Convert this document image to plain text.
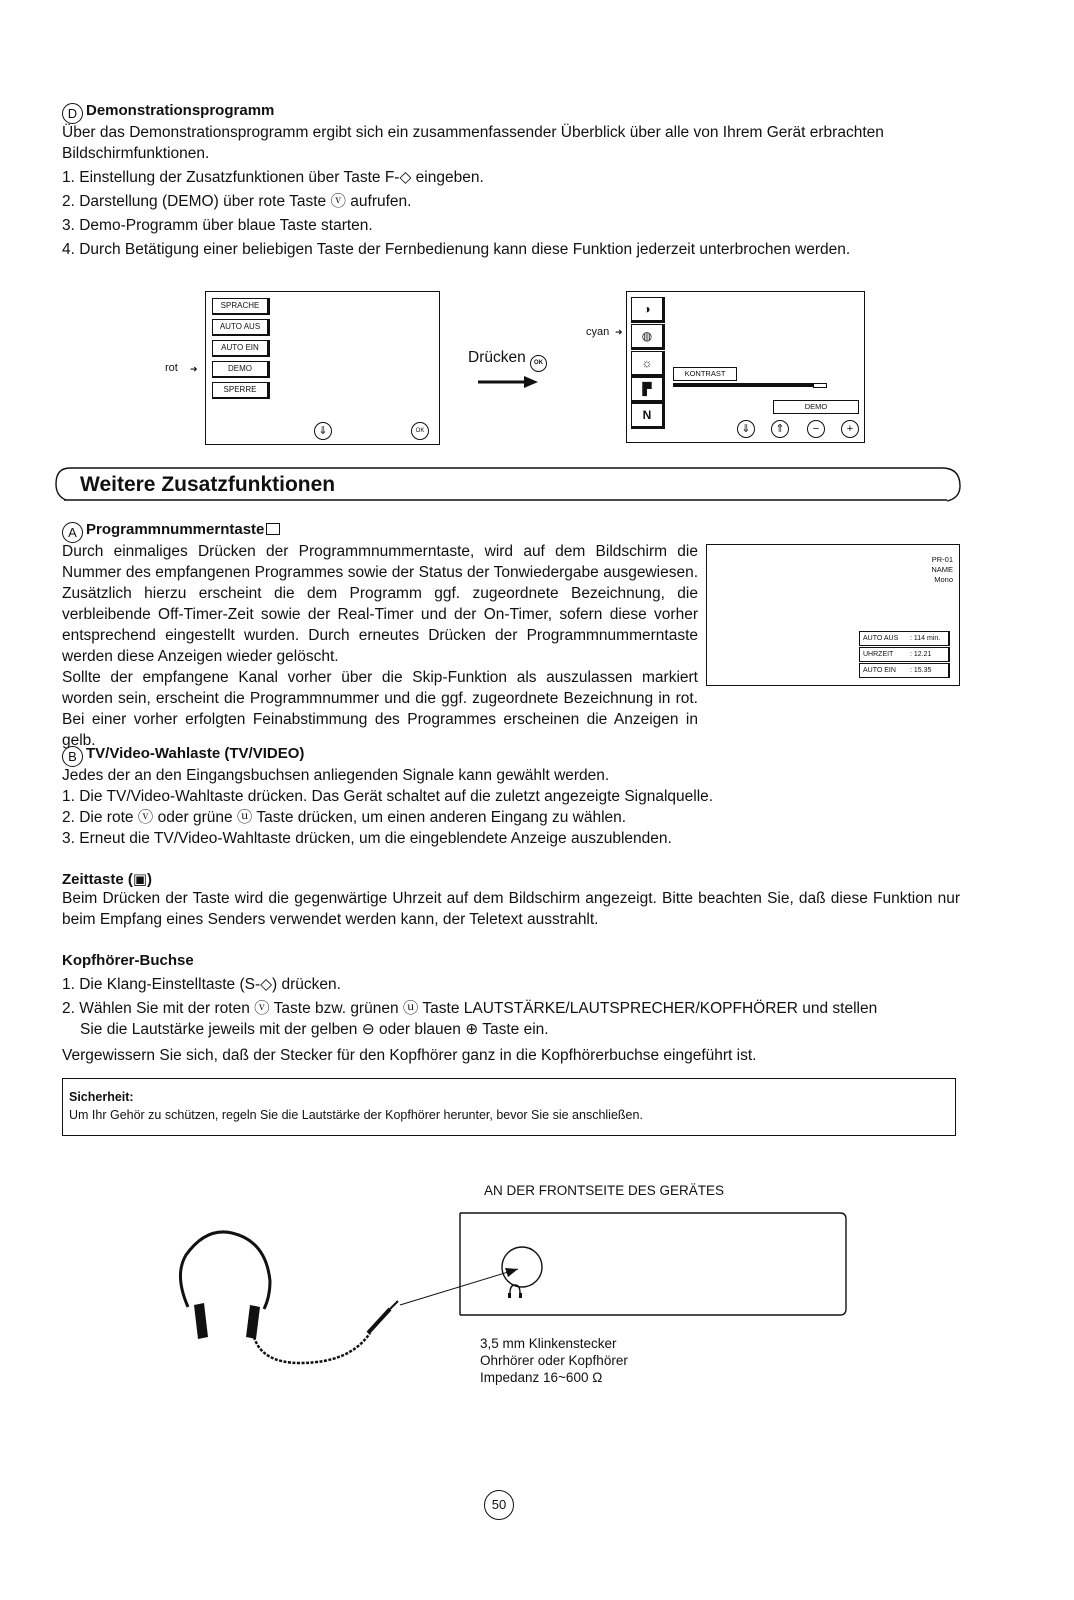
D Demonstrationsprogramm
Über das Demonstrationsprogramm ergibt sich ein zusammenfassender Überblick über alle von Ihrem Gerät erbrachten Bildschirmfunktionen.
1. Einstellung der Zusatzfunktionen über Taste F-◇ eingeben.
2. Darstellung (DEMO) über rote Taste ⓥ aufrufen.
3. Demo-Programm über blaue Taste starten.
4. Durch Betätigung einer beliebigen Taste der Fernbedienung kann diese Funktion jederzeit unterbrochen werden.
rot ➜
SPRACHE
AUTO AUS
AUTO EIN
DEMO
SPERRE
⇓	OK
Drücken OK
cyan ➜
◑
◍
☼
▛
N
KONTRAST
DEMO
⇓	⇑	−	+
Weitere Zusatzfunktionen
A Programmnummerntaste
Durch einmaliges Drücken der Programmnummerntaste, wird auf dem Bildschirm die Nummer des empfangenen Programmes sowie der Status der Tonwiedergabe ausgewiesen. Zusätzlich hierzu erscheint die dem Programm ggf. zugeordnete Bezeichnung, die verbleibende Off-Timer-Zeit sowie der Real-Timer und der On-Timer, sofern diese vorher entsprechend eingestellt wurden. Durch erneutes Drücken der Programmnummerntaste werden diese Anzeigen wieder gelöscht.
Sollte der empfangene Kanal vorher über die Skip-Funktion als auszulassen markiert worden sein, erscheint die Programmnummer und die ggf. zugeordnete Bezeichnung in rot. Bei einer vorher erfolgten Feinabstimmung des Programmes erscheinen die Anzeigen in gelb.
PR-01
NAME
Mono
AUTO AUS : 114 min.
UHRZEIT : 12.21
AUTO EIN : 15.35
B TV/Video-Wahlaste (TV/VIDEO)
Jedes der an den Eingangsbuchsen anliegenden Signale kann gewählt werden.
1. Die TV/Video-Wahltaste drücken. Das Gerät schaltet auf die zuletzt angezeigte Signalquelle.
2. Die rote ⓥ oder grüne ⓤ Taste drücken, um einen anderen Eingang zu wählen.
3. Erneut die TV/Video-Wahltaste drücken, um die eingeblendete Anzeige auszublenden.
Zeittaste (▣)
Beim Drücken der Taste wird die gegenwärtige Uhrzeit auf dem Bildschirm angezeigt. Bitte beachten Sie, daß diese Funktion nur beim Empfang eines Senders verwendet werden kann, der Teletext ausstrahlt.
Kopfhörer-Buchse
1. Die Klang-Einstelltaste (S-◇) drücken.
2. Wählen Sie mit der roten ⓥ Taste bzw. grünen ⓤ Taste LAUTSTÄRKE/LAUTSPRECHER/KOPFHÖRER und stellen
Sie die Lautstärke jeweils mit der gelben ⊖ oder blauen ⊕ Taste ein.
Vergewissern Sie sich, daß der Stecker für den Kopfhörer ganz in die Kopfhörerbuchse eingeführt ist.
Sicherheit:
Um Ihr Gehör zu schützen, regeln Sie die Lautstärke der Kopfhörer herunter, bevor Sie sie anschließen.
AN DER FRONTSEITE DES GERÄTES
3,5 mm Klinkenstecker
Ohrhörer oder Kopfhörer
Impedanz 16~600 Ω
50
